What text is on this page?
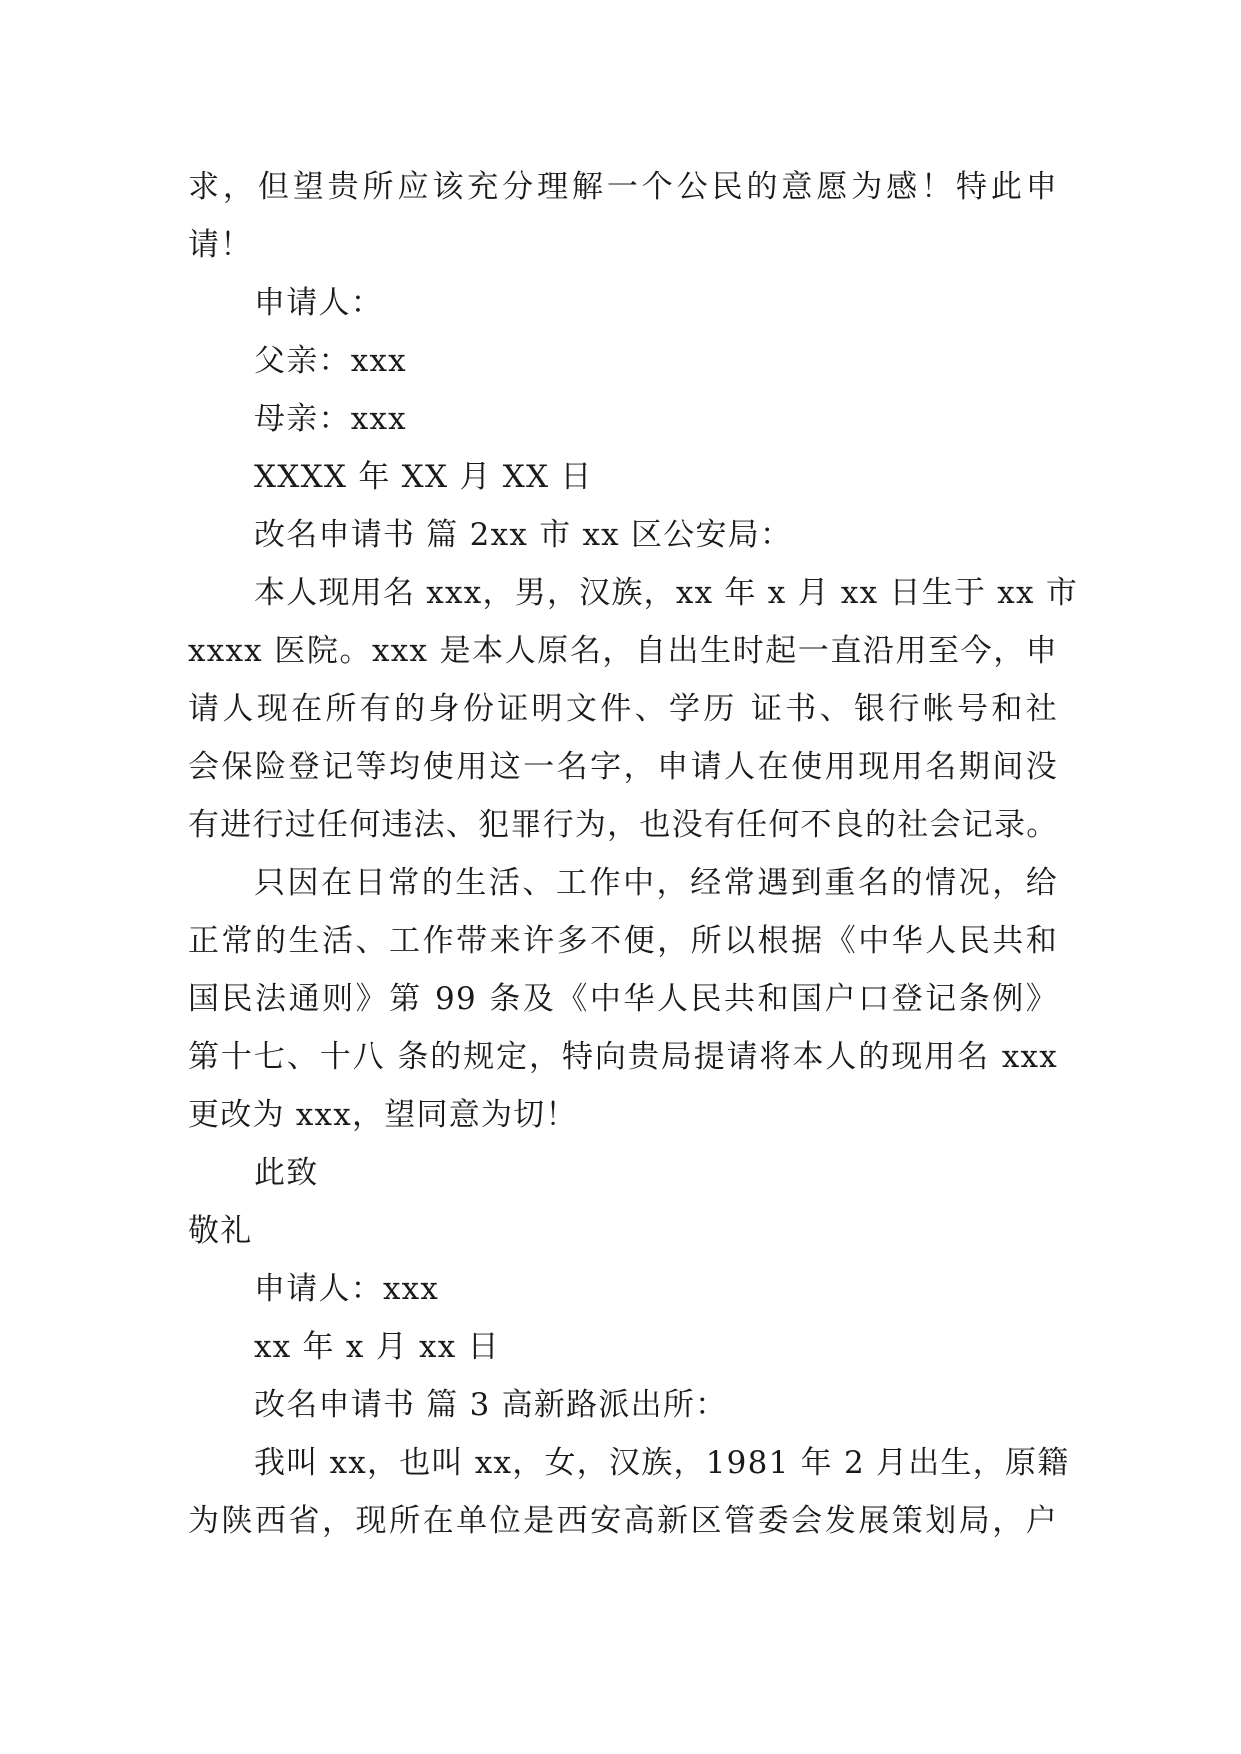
求，但望贵所应该充分理解一个公民的意愿为感！特此申
请！
申请人：
父亲：xxx
母亲：xxx
XXXX 年 XX 月 XX 日
改名申请书 篇 2xx 市 xx 区公安局：
本人现用名 xxx，男，汉族，xx 年 x 月 xx 日生于 xx 市
xxxx 医院。xxx 是本人原名，自出生时起一直沿用至今，申
请人现在所有的身份证明文件、学历 证书、银行帐号和社
会保险登记等均使用这一名字，申请人在使用现用名期间没
有进行过任何违法、犯罪行为，也没有任何不良的社会记录。
只因在日常的生活、工作中，经常遇到重名的情况，给
正常的生活、工作带来许多不便，所以根据《中华人民共和
国民法通则》第 99 条及《中华人民共和国户口登记条例》
第十七、十八 条的规定，特向贵局提请将本人的现用名 xxx
更改为 xxx，望同意为切！
此致
敬礼
申请人：xxx
xx 年 x 月 xx 日
改名申请书 篇 3 高新路派出所：
我叫 xx，也叫 xx，女，汉族，1981 年 2 月出生，原籍
为陕西省，现所在单位是西安高新区管委会发展策划局，户
